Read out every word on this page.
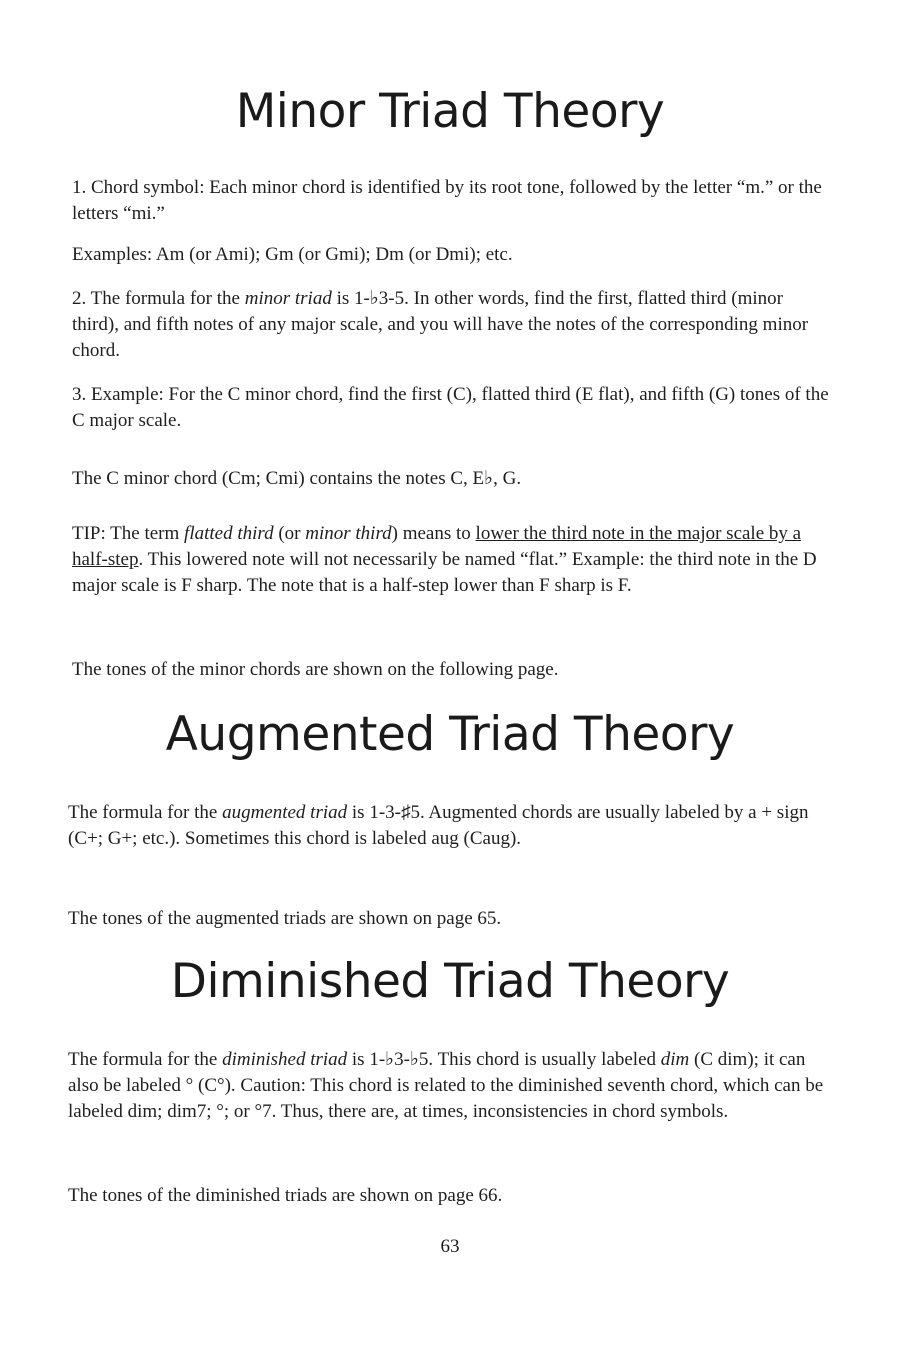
Minor Triad Theory

1. Chord symbol: Each minor chord is identified by its root tone, followed by the letter “m.” or the letters “mi.”

Examples: Am (or Ami); Gm (or Gmi); Dm (or Dmi); etc.

2. The formula for the minor triad is 1-♭3-5. In other words, find the first, flatted third (minor third), and fifth notes of any major scale, and you will have the notes of the corresponding minor chord.

3. Example: For the C minor chord, find the first (C), flatted third (E flat), and fifth (G) tones of the C major scale.

The C minor chord (Cm; Cmi) contains the notes C, E♭, G.

TIP: The term flatted third (or minor third) means to lower the third note in the major scale by a half-step. This lowered note will not necessarily be named “flat.” Example: the third note in the D major scale is F sharp. The note that is a half-step lower than F sharp is F.

The tones of the minor chords are shown on the following page.

Augmented Triad Theory

The formula for the augmented triad is 1-3-♯5. Augmented chords are usually labeled by a + sign (C+; G+; etc.). Sometimes this chord is labeled aug (Caug).

The tones of the augmented triads are shown on page 65.

Diminished Triad Theory

The formula for the diminished triad is 1-♭3-♭5. This chord is usually labeled dim (C dim); it can also be labeled ° (C°). Caution: This chord is related to the diminished seventh chord, which can be labeled dim; dim7; °; or °7. Thus, there are, at times, inconsistencies in chord symbols.

The tones of the diminished triads are shown on page 66.

63
